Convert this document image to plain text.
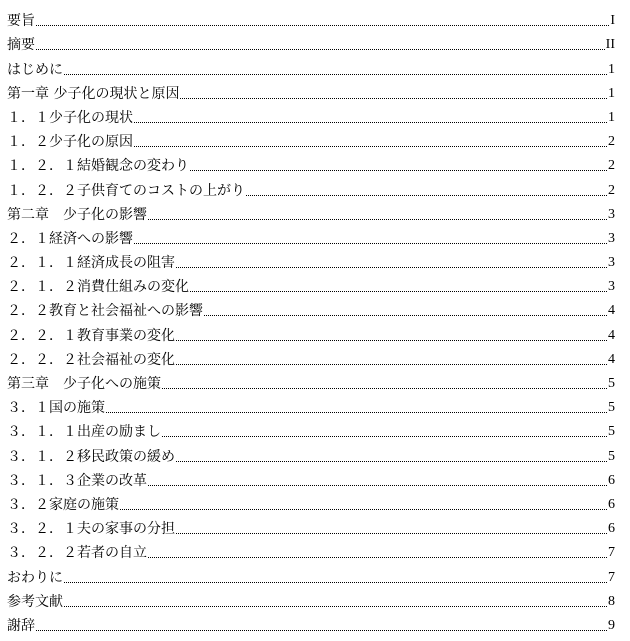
要旨	I
摘要	II
はじめに	1
第一章 少子化の現状と原因	1
１．１少子化の現状	1
１．２少子化の原因	2
１．２．１結婚観念の変わり	2
１．２．２子供育てのコストの上がり	2
第二章　少子化の影響	3
２．１経済への影響	3
２．１．１経済成長の阻害	3
２．１．２消費仕組みの変化	3
２．２教育と社会福祉への影響	4
２．２．１教育事業の変化	4
２．２．２社会福祉の変化	4
第三章　少子化への施策	5
３．１国の施策	5
３．１．１出産の励まし	5
３．１．２移民政策の緩め	5
３．１．３企業の改革	6
３．２家庭の施策	6
３．２．１夫の家事の分担	6
３．２．２若者の自立	7
おわりに	7
参考文献	8
謝辞	9
